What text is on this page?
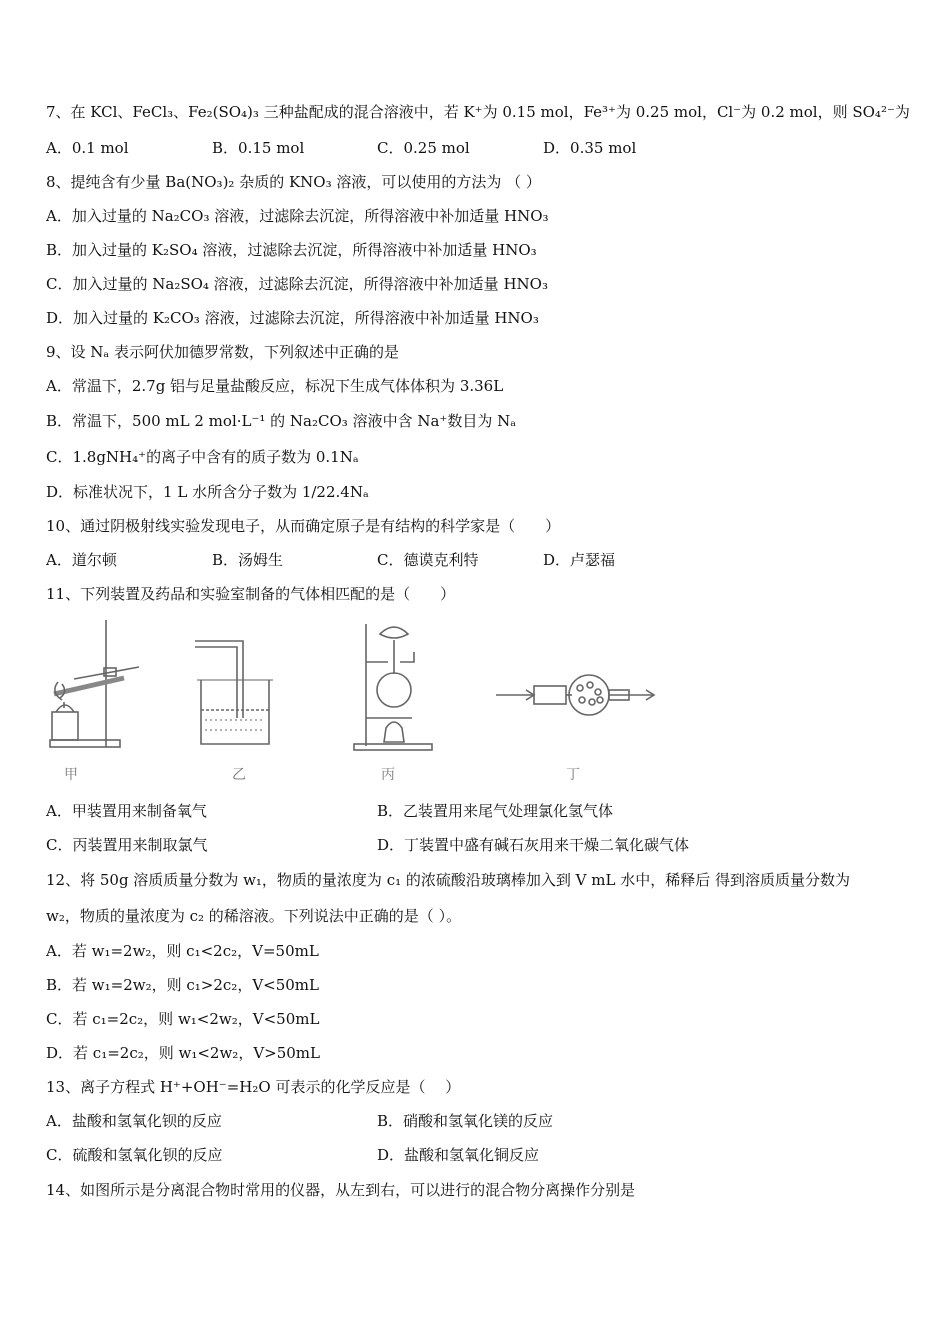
7、在 KCl、FeCl₃、Fe₂(SO₄)₃ 三种盐配成的混合溶液中，若 K⁺为 0.15 mol，Fe³⁺为 0.25 mol，Cl⁻为 0.2 mol，则 SO₄²⁻为
A．0.1 mol	B．0.15 mol	C．0.25 mol	D．0.35 mol
8、提纯含有少量 Ba(NO₃)₂ 杂质的 KNO₃ 溶液，可以使用的方法为 （ ）
A．加入过量的 Na₂CO₃ 溶液，过滤除去沉淀，所得溶液中补加适量 HNO₃
B．加入过量的 K₂SO₄ 溶液，过滤除去沉淀，所得溶液中补加适量 HNO₃
C．加入过量的 Na₂SO₄ 溶液，过滤除去沉淀，所得溶液中补加适量 HNO₃
D．加入过量的 K₂CO₃ 溶液，过滤除去沉淀，所得溶液中补加适量 HNO₃
9、设 Nₐ 表示阿伏加德罗常数，下列叙述中正确的是
A．常温下，2.7g 铝与足量盐酸反应，标况下生成气体体积为 3.36L
B．常温下，500 mL 2 mol·L⁻¹ 的 Na₂CO₃ 溶液中含 Na⁺数目为 Nₐ
C．1.8gNH₄⁺的离子中含有的质子数为 0.1Nₐ
D．标准状况下，1 L 水所含分子数为 1/22.4Nₐ
10、通过阴极射线实验发现电子，从而确定原子是有结构的科学家是（　　）
A．道尔顿	B．汤姆生	C．德谟克利特	D．卢瑟福
11、下列装置及药品和实验室制备的气体相匹配的是（　　）
甲	乙	丙	丁
A．甲装置用来制备氧气	B．乙装置用来尾气处理氯化氢气体
C．丙装置用来制取氯气	D．丁装置中盛有碱石灰用来干燥二氧化碳气体
12、将 50g 溶质质量分数为 w₁，物质的量浓度为 c₁ 的浓硫酸沿玻璃棒加入到 V mL 水中，稀释后 得到溶质质量分数为
w₂，物质的量浓度为 c₂ 的稀溶液。下列说法中正确的是（ ）。
A．若 w₁=2w₂，则 c₁<2c₂，V=50mL
B．若 w₁=2w₂，则 c₁>2c₂，V<50mL
C．若 c₁=2c₂，则 w₁<2w₂，V<50mL
D．若 c₁=2c₂，则 w₁<2w₂，V>50mL
13、离子方程式 H⁺+OH⁻=H₂O 可表示的化学反应是（　 ）
A．盐酸和氢氧化钡的反应	B．硝酸和氢氧化镁的反应
C．硫酸和氢氧化钡的反应	D．盐酸和氢氧化铜反应
14、如图所示是分离混合物时常用的仪器，从左到右，可以进行的混合物分离操作分别是
